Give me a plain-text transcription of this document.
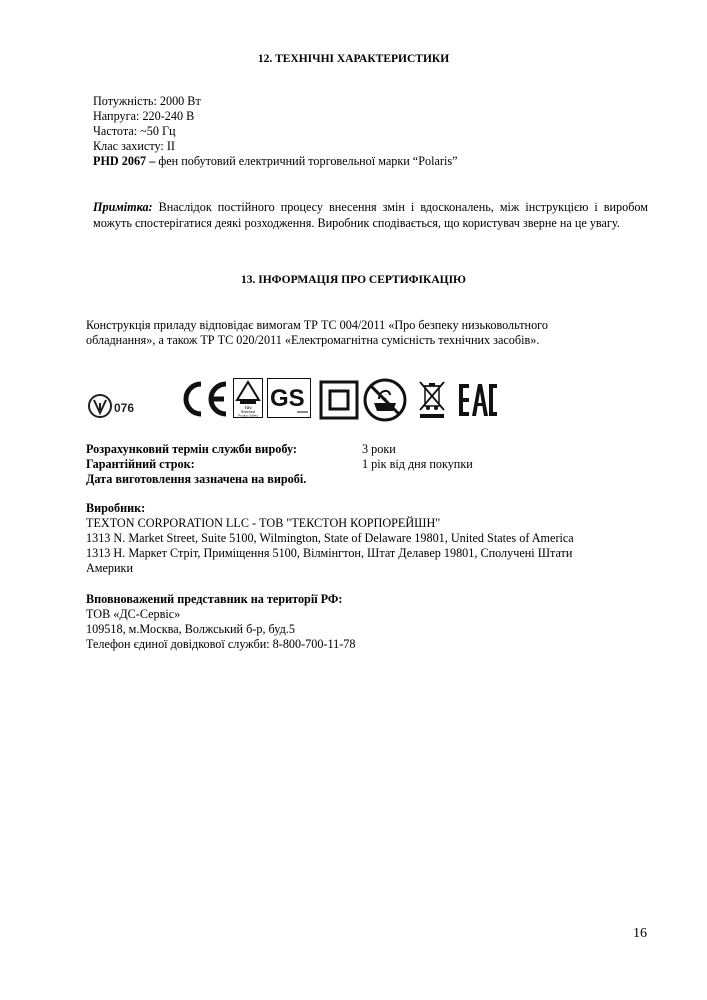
12. ТЕХНІЧНІ ХАРАКТЕРИСТИКИ
Потужність: 2000 Вт
Напруга: 220-240 В
Частота: ~50 Гц
Клас захисту: II
PHD 2067 – фен побутовий електричний торговельної марки “Polaris”
Примітка: Внаслідок постійного процесу внесення змін і вдосконалень, між інструкцією і виробом можуть спостерігатися деякі розходження. Виробник сподівається, що користувач зверне на це увагу.
13. ІНФОРМАЦІЯ ПРО СЕРТИФІКАЦІЮ
Конструкція приладу відповідає вимогам ТР ТС 004/2011 «Про безпеку низьковольтного
обладнання», а також ТР ТС 020/2011 «Електромагнітна сумісність технічних засобів».
076	TÜV
Rheinland
Product Safety
GS
Розрахунковий термін служби виробу:	3 роки
Гарантійний строк:	1 рік від дня покупки
Дата виготовлення зазначена на виробі.
Виробник:
TEXTON CORPORATION LLC - ТОВ "ТЕКСТОН КОРПОРЕЙШН"
1313 N. Market Street, Suite 5100, Wilmington, State of Delaware 19801, United States of America
1313 Н. Маркет Стріт, Приміщення 5100, Вілмінгтон, Штат Делавер 19801, Сполучені Штати
Америки
Вповноважений представник на території РФ:
ТОВ «ДС-Сервіс»
109518, м.Москва, Волжський б-р, буд.5
Телефон єдиної довідкової служби: 8-800-700-11-78
16
